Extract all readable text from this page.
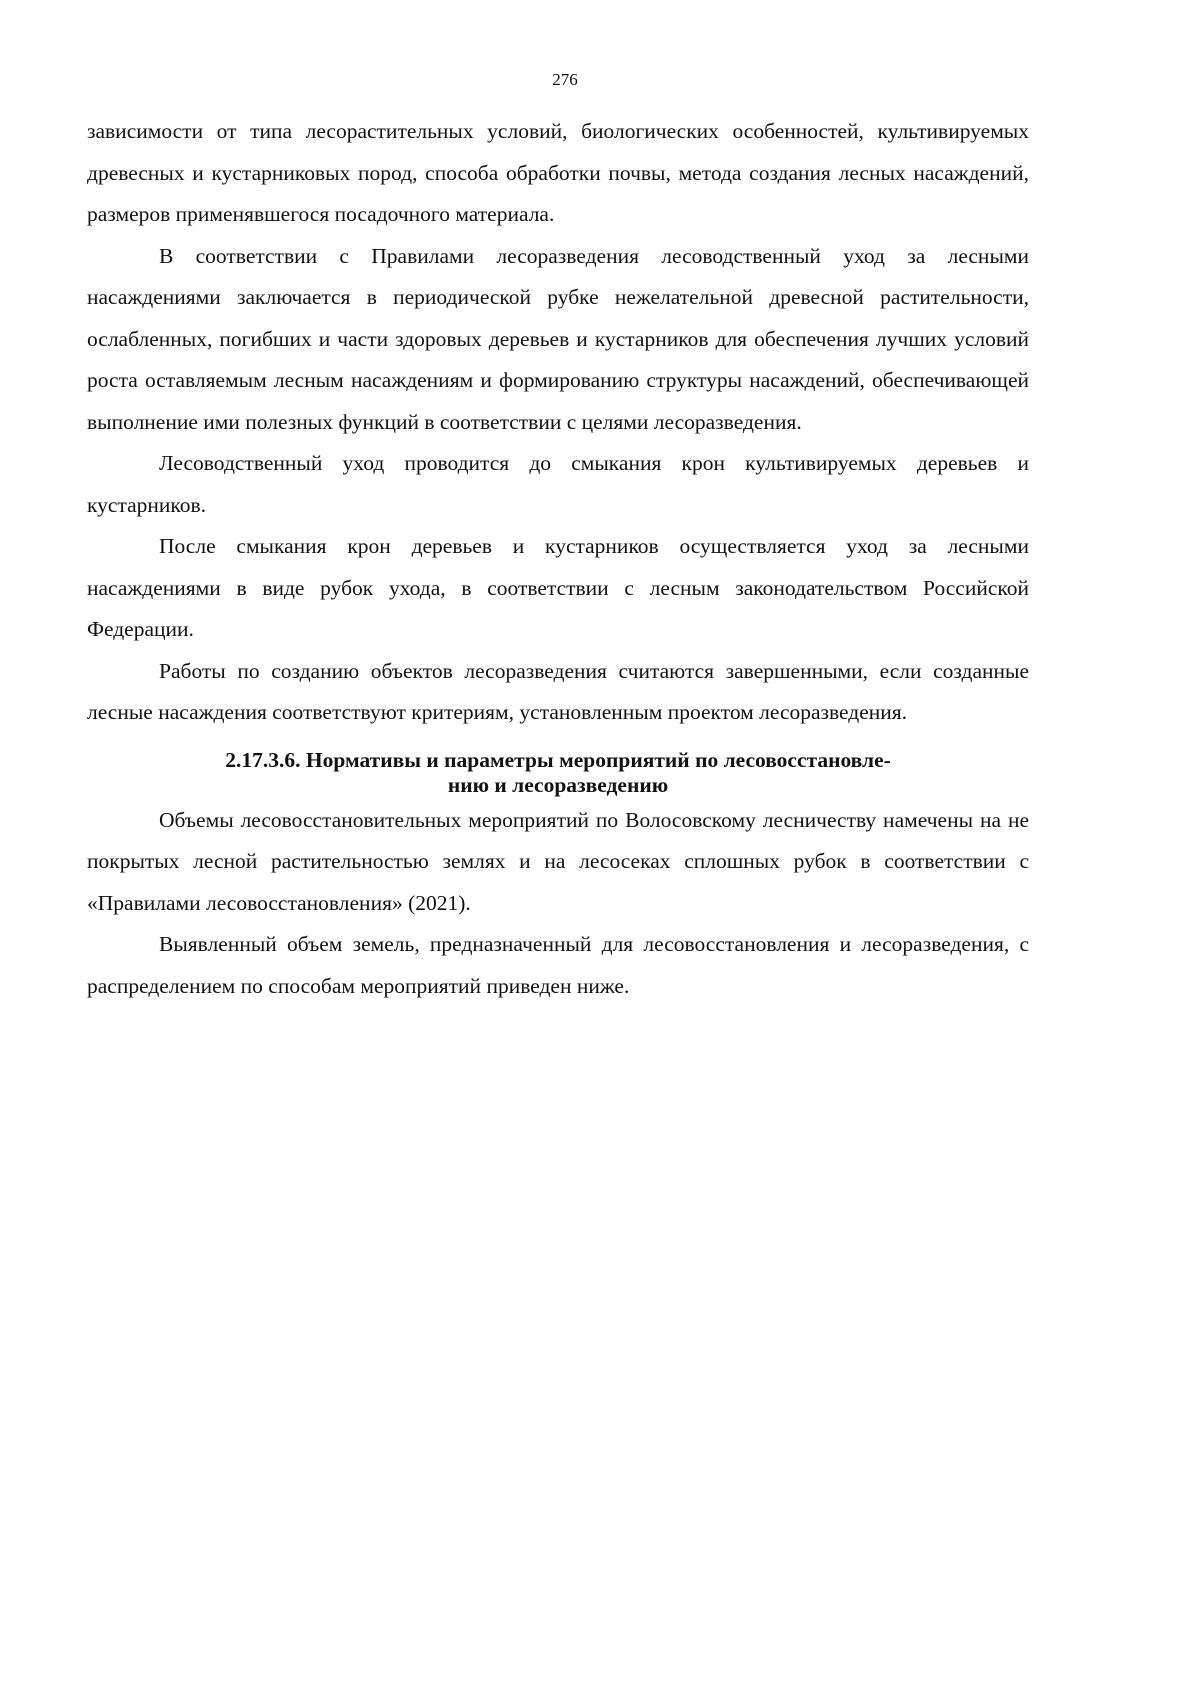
276

зависимости от типа лесорастительных условий, биологических особенностей, культивируемых древесных и кустарниковых пород, способа обработки почвы, метода создания лесных насаждений, размеров применявшегося посадочного материала.

В соответствии с Правилами лесоразведения лесоводственный уход за лесными насаждениями заключается в периодической рубке нежелательной древесной растительности, ослабленных, погибших и части здоровых деревьев и кустарников для обеспечения лучших условий роста оставляемым лесным насаждениям и формированию структуры насаждений, обеспечивающей выполнение ими полезных функций в соответствии с целями лесоразведения.

Лесоводственный уход проводится до смыкания крон культивируемых деревьев и кустарников.

После смыкания крон деревьев и кустарников осуществляется уход за лесными насаждениями в виде рубок ухода, в соответствии с лесным законодательством Российской Федерации.

Работы по созданию объектов лесоразведения считаются завершенными, если созданные лесные насаждения соответствуют критериям, установленным проектом лесоразведения.

2.17.3.6. Нормативы и параметры мероприятий по лесовосстановле-
нию и лесоразведению

Объемы лесовосстановительных мероприятий по Волосовскому лесничеству намечены на не покрытых лесной растительностью землях и на лесосеках сплошных рубок в соответствии с «Правилами лесовосстановления» (2021).

Выявленный объем земель, предназначенный для лесовосстановления и лесоразведения, с распределением по способам мероприятий приведен ниже.
